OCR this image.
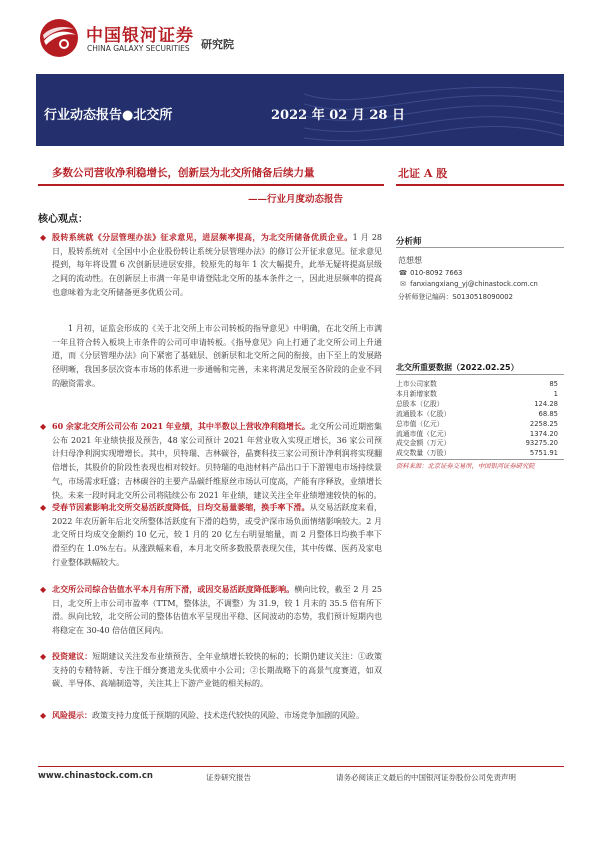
中国银河证券
CHINA GALAXY SECURITIES 研究院
行业动态报告●北交所	2022 年 02 月 28 日
多数公司营收净利稳增长，创新层为北交所储备后续力量	北证 A 股
——行业月度动态报告
核心观点：
◆ 股转系统就《分层管理办法》征求意见，进层频率提高，为北交所储备优质企业。1 月 28 日，股转系统对《全国中小企业股份转让系统分层管理办法》的修订公开征求意见。征求意见提到，每年将设置 6 次创新层进层安排，较原先的每年 1 次大幅提升，此举无疑将提高层级之间的流动性。在创新层上市满一年是申请登陆北交所的基本条件之一，因此进层频率的提高也意味着为北交所储备更多优质公司。
1 月初，证监会形成的《关于北交所上市公司转板的指导意见》中明确，在北交所上市满一年且符合转入板块上市条件的公司可申请转板。《指导意见》向上打通了北交所公司上升通道，而《分层管理办法》向下紧密了基础层、创新层和北交所之间的衔接，由下至上的发展路径明晰，我国多层次资本市场的体系进一步通畅和完善，未来将满足发展至各阶段的企业不同的融资需求。
◆ 60 余家北交所公司公布 2021 年业绩，其中半数以上营收净利稳增长。北交所公司近期密集公布 2021 年业绩快报及预告，48 家公司预计 2021 年营业收入实现正增长，36 家公司预计归母净利润实现增增长。其中，贝特瑞、吉林碳谷，晶赛科技三家公司预计净利润将实现翻倍增长，其股价的阶段性表现也相对较好。贝特瑞的电池材料产品出口于下游锂电市场持续景气，市场需求旺盛；吉林碳谷的主要产品碳纤维原丝市场认可度高，产能有序释放，业绩增长快。未来一段时间北交所公司将陆续公布 2021 年业绩，建议关注全年业绩增速较快的标的。
◆ 受春节因素影响北交所交易活跃度降低，日均交易量萎缩，换手率下滑。从交易活跃度来看，2022 年农历新年后北交所整体活跃度有下滑的趋势，或受沪深市场负面情绪影响较大。2 月北交所日均成交金额约 10 亿元，较 1 月的 20 亿左右明显缩量，而 2 月整体日均换手率下滑至约在 1.0%左右。从涨跌幅来看，本月北交所多数股票表现欠佳，其中传媒、医药及家电行业整体跌幅较大。
◆ 北交所公司综合估值水平本月有所下滑，或因交易活跃度降低影响。横向比较，截至 2 月 25 日，北交所上市公司市盈率（TTM，整体法，不调整）为 31.9，较 1 月末的 35.5 倍有所下滑。纵向比较，北交所公司的整体估值水平呈现出平稳、区间波动的态势，我们预计短期内也将稳定在 30-40 倍估值区间内。
◆ 投资建议：短期建议关注发布业绩预告、全年业绩增长较快的标的；长期仍建议关注：①政策支持的专精特新、专注于细分赛道龙头优质中小公司；②长期战略下的高景气度赛道，如双碳、半导体、高端制造等，关注其上下游产业链的相关标的。
◆ 风险提示：政策支持力度低于预期的风险、技术迭代较快的风险、市场竞争加剧的风险。
分析师
范想想
☎ 010-8092 7663
✉ fanxiangxiang_yj@chinastock.com.cn
分析师登记编码：S0130518090002
北交所重要数据（2022.02.25）
上市公司家数	85
本月新增家数	1
总股本（亿股）	124.28
流通股本（亿股）	68.85
总市值（亿元）	2258.25
流通市值（亿元）	1374.20
成交金额（万元）	93275.20
成交数量（万股）	5751.91
资料来源：北京证券交易所，中国银河证券研究院
www.chinastock.com.cn	证券研究报告	请务必阅读正文最后的中国银河证券股份公司免责声明
